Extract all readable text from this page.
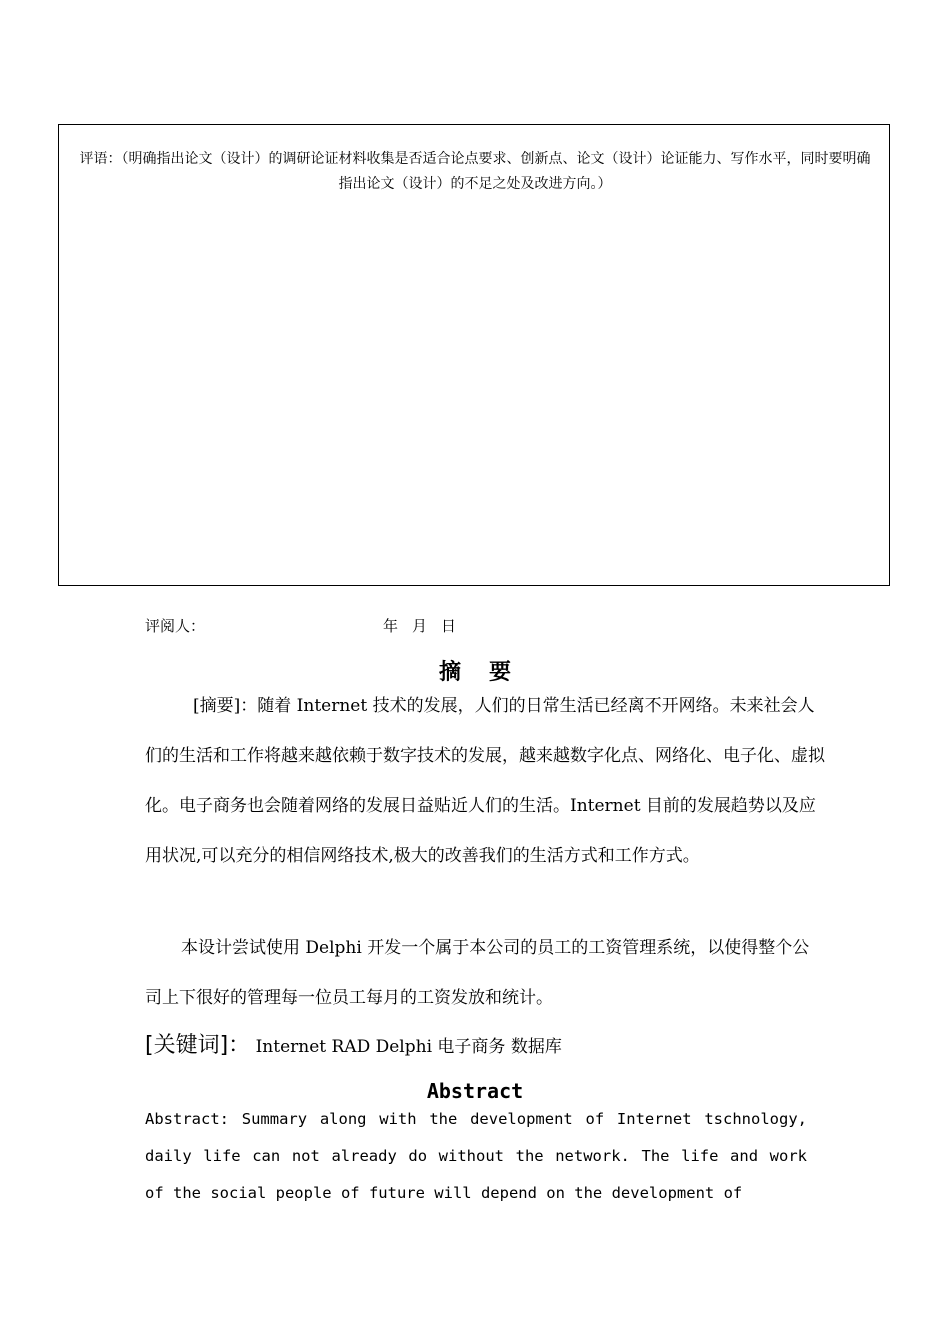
评语：（明确指出论文（设计）的调研论证材料收集是否适合论点要求、创新点、论文（设计）论证能力、写作水平，同时要明确指出论文（设计）的不足之处及改进方向。）

评阅人：	年 月 日
摘要

[摘要]：随着 Internet 技术的发展，人们的日常生活已经离不开网络。未来社会人们的生活和工作将越来越依赖于数字技术的发展，越来越数字化点、网络化、电子化、虚拟化。电子商务也会随着网络的发展日益贴近人们的生活。Internet 目前的发展趋势以及应用状况,可以充分的相信网络技术,极大的改善我们的生活方式和工作方式。

本设计尝试使用 Delphi 开发一个属于本公司的员工的工资管理系统，以使得整个公司上下很好的管理每一位员工每月的工资发放和统计。

[关键词]： Internet RAD Delphi 电子商务 数据库
Abstract

Abstract: Summary along with the development of Internet tschnology, daily life can not already do without the network. The life and work of the social people of future will depend on the development of
